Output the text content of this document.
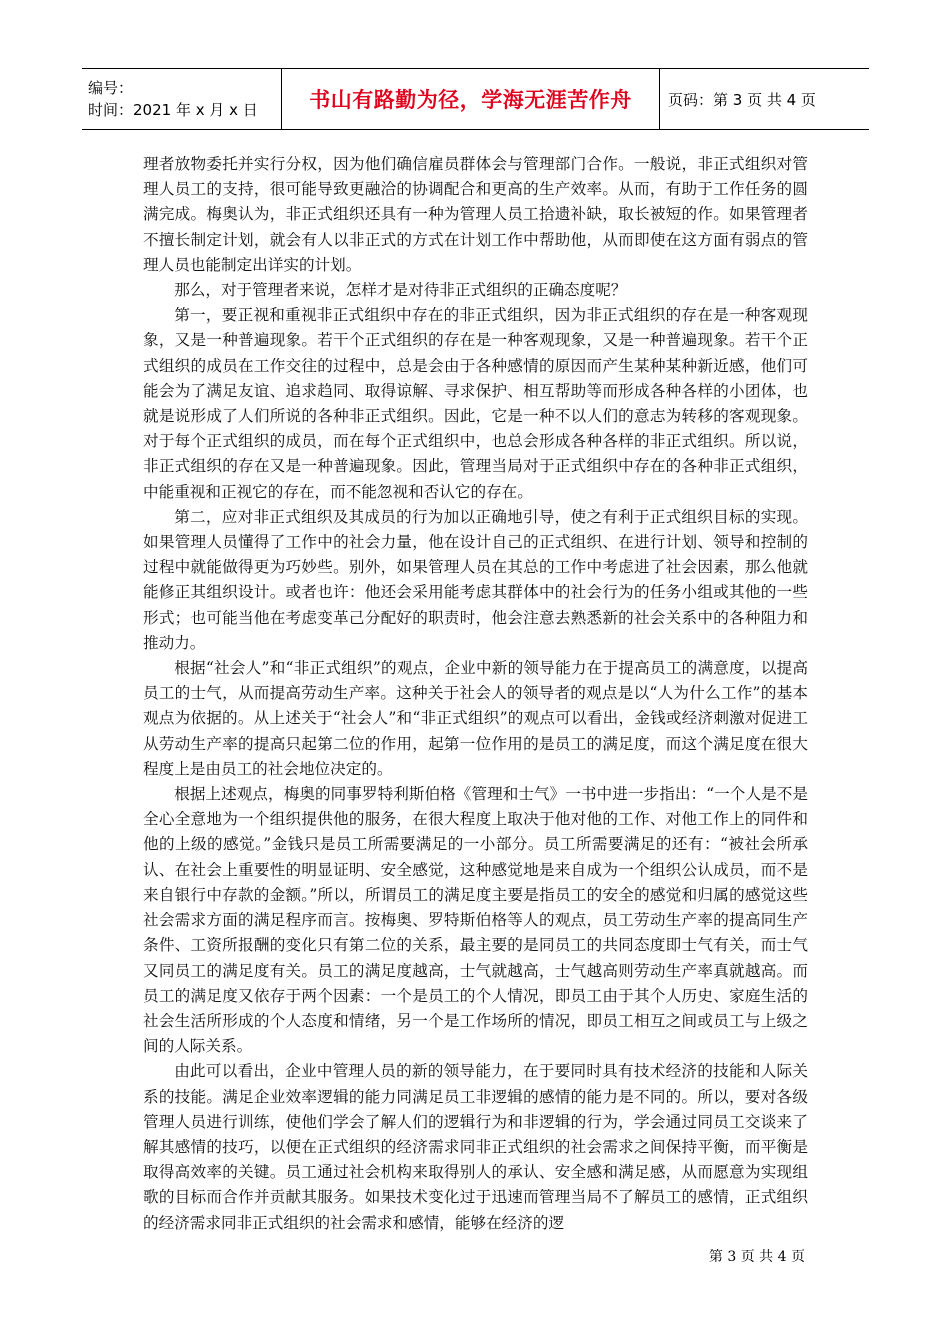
编号：
时间：2021 年 x 月 x 日	书山有路勤为径，学海无涯苦作舟	页码：第 3 页 共 4 页

理者放物委托并实行分权，因为他们确信雇员群体会与管理部门合作。一般说，非正式组织对管理人员工的支持，很可能导致更融洽的协调配合和更高的生产效率。从而，有助于工作任务的圆满完成。梅奥认为，非正式组织还具有一种为管理人员工拾遗补缺，取长被短的作。如果管理者不擅长制定计划，就会有人以非正式的方式在计划工作中帮助他，从而即使在这方面有弱点的管理人员也能制定出详实的计划。

那么，对于管理者来说，怎样才是对待非正式组织的正确态度呢？

第一，要正视和重视非正式组织中存在的非正式组织，因为非正式组织的存在是一种客观现象，又是一种普遍现象。若干个正式组织的存在是一种客观现象，又是一种普遍现象。若干个正式组织的成员在工作交往的过程中，总是会由于各种感情的原因而产生某种某种新近感，他们可能会为了满足友谊、追求趋同、取得谅解、寻求保护、相互帮助等而形成各种各样的小团体，也就是说形成了人们所说的各种非正式组织。因此，它是一种不以人们的意志为转移的客观现象。对于每个正式组织的成员，而在每个正式组织中，也总会形成各种各样的非正式组织。所以说，非正式组织的存在又是一种普遍现象。因此，管理当局对于正式组织中存在的各种非正式组织，中能重视和正视它的存在，而不能忽视和否认它的存在。

第二，应对非正式组织及其成员的行为加以正确地引导，使之有利于正式组织目标的实现。如果管理人员懂得了工作中的社会力量，他在设计自己的正式组织、在进行计划、领导和控制的过程中就能做得更为巧妙些。别外，如果管理人员在其总的工作中考虑进了社会因素，那么他就能修正其组织设计。或者也许：他还会采用能考虑其群体中的社会行为的任务小组或其他的一些形式；也可能当他在考虑变革己分配好的职责时，他会注意去熟悉新的社会关系中的各种阻力和推动力。

根据“社会人”和“非正式组织”的观点，企业中新的领导能力在于提高员工的满意度，以提高员工的士气，从而提高劳动生产率。这种关于社会人的领导者的观点是以“人为什么工作”的基本观点为依据的。从上述关于“社会人”和“非正式组织”的观点可以看出，金钱或经济刺激对促进工从劳动生产率的提高只起第二位的作用，起第一位作用的是员工的满足度，而这个满足度在很大程度上是由员工的社会地位决定的。

根据上述观点，梅奥的同事罗特利斯伯格《管理和士气》一书中进一步指出：“一个人是不是全心全意地为一个组织提供他的服务，在很大程度上取决于他对他的工作、对他工作上的同件和他的上级的感觉。”金钱只是员工所需要满足的一小部分。员工所需要满足的还有：“被社会所承认、在社会上重要性的明显证明、安全感觉，这种感觉地是来自成为一个组织公认成员，而不是来自银行中存款的金额。”所以，所谓员工的满足度主要是指员工的安全的感觉和归属的感觉这些社会需求方面的满足程序而言。按梅奥、罗特斯伯格等人的观点，员工劳动生产率的提高同生产条件、工资所报酬的变化只有第二位的关系，最主要的是同员工的共同态度即士气有关，而士气又同员工的满足度有关。员工的满足度越高，士气就越高，士气越高则劳动生产率真就越高。而员工的满足度又依存于两个因素：一个是员工的个人情况，即员工由于其个人历史、家庭生活的社会生活所形成的个人态度和情绪，另一个是工作场所的情况，即员工相互之间或员工与上级之间的人际关系。

由此可以看出，企业中管理人员的新的领导能力，在于要同时具有技术经济的技能和人际关系的技能。满足企业效率逻辑的能力同满足员工非逻辑的感情的能力是不同的。所以，要对各级管理人员进行训练，使他们学会了解人们的逻辑行为和非逻辑的行为，学会通过同员工交谈来了解其感情的技巧，以便在正式组织的经济需求同非正式组织的社会需求之间保持平衡，而平衡是取得高效率的关键。员工通过社会机构来取得别人的承认、安全感和满足感，从而愿意为实现组歌的目标而合作并贡献其服务。如果技术变化过于迅速而管理当局不了解员工的感情，正式组织的经济需求同非正式组织的社会需求和感情，能够在经济的逻

第 3 页 共 4 页
